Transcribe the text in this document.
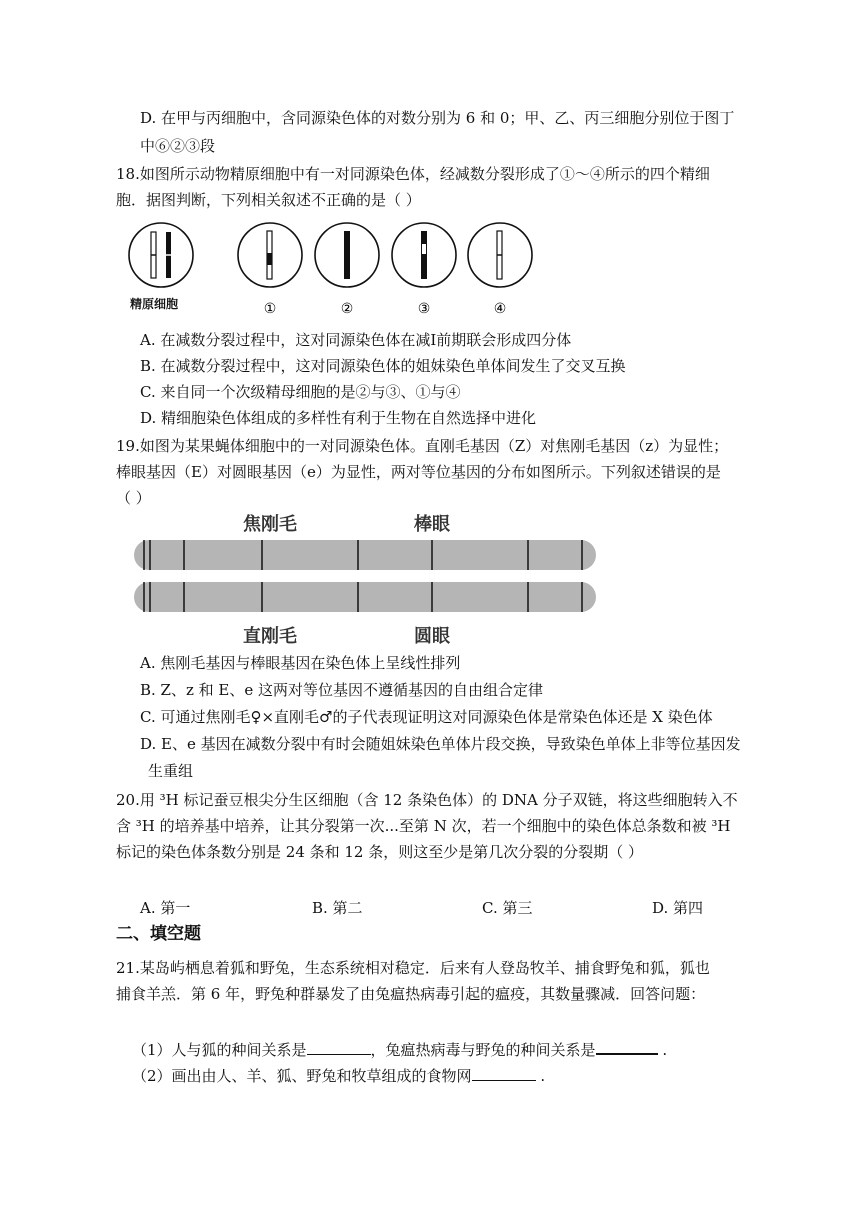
D. 在甲与丙细胞中，含同源染色体的对数分别为 6 和 0；甲、乙、丙三细胞分别位于图丁
中⑥②③段
18.如图所示动物精原细胞中有一对同源染色体，经减数分裂形成了①～④所示的四个精细
胞．据图判断，下列相关叙述不正确的是（ ）
精原细胞	①	②	③	④
A. 在减数分裂过程中，这对同源染色体在减Ⅰ前期联会形成四分体
B. 在减数分裂过程中，这对同源染色体的姐妹染色单体间发生了交叉互换
C. 来自同一个次级精母细胞的是②与③、①与④
D. 精细胞染色体组成的多样性有利于生物在自然选择中进化
19.如图为某果蝇体细胞中的一对同源染色体。直刚毛基因（Z）对焦刚毛基因（z）为显性；
棒眼基因（E）对圆眼基因（e）为显性，两对等位基因的分布如图所示。下列叙述错误的是
（ ）
焦刚毛	棒眼
直刚毛	圆眼
A. 焦刚毛基因与棒眼基因在染色体上呈线性排列
B. Z、z 和 E、e 这两对等位基因不遵循基因的自由组合定律
C. 可通过焦刚毛♀×直刚毛♂的子代表现证明这对同源染色体是常染色体还是 X 染色体
D. E、e 基因在减数分裂中有时会随姐妹染色单体片段交换，导致染色单体上非等位基因发
生重组
20.用 ³H 标记蚕豆根尖分生区细胞（含 12 条染色体）的 DNA 分子双链，将这些细胞转入不
含 ³H 的培养基中培养，让其分裂第一次...至第 N 次，若一个细胞中的染色体总条数和被 ³H
标记的染色体条数分别是 24 条和 12 条，则这至少是第几次分裂的分裂期（ ）
A. 第一	B. 第二	C. 第三	D. 第四
二、填空题
21.某岛屿栖息着狐和野兔，生态系统相对稳定．后来有人登岛牧羊、捕食野兔和狐，狐也
捕食羊羔．第 6 年，野兔种群暴发了由兔瘟热病毒引起的瘟疫，其数量骤减．回答问题：
（1）人与狐的种间关系是	，兔瘟热病毒与野兔的种间关系是	.
（2）画出由人、羊、狐、野兔和牧草组成的食物网	.
